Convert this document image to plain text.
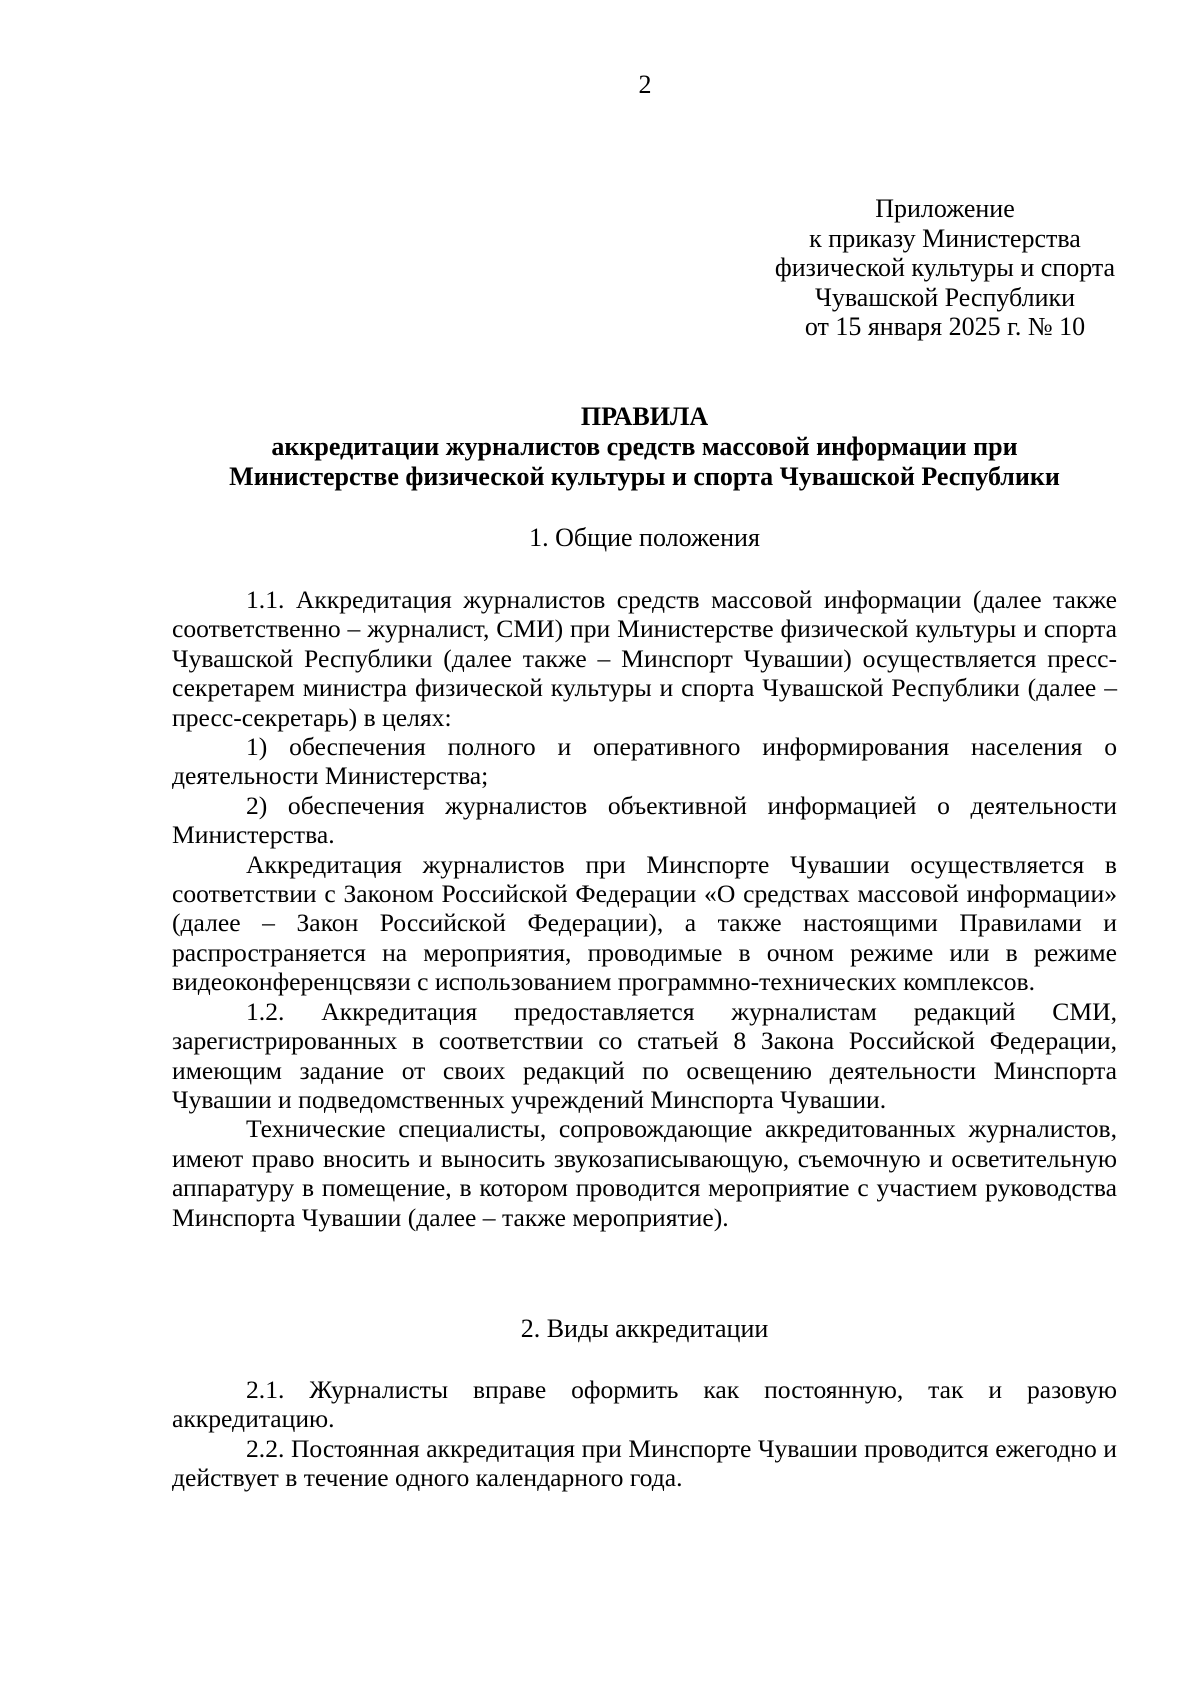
2
Приложение
к приказу Министерства
физической культуры и спорта
Чувашской Республики
от 15 января 2025 г. № 10
ПРАВИЛА
аккредитации журналистов средств массовой информации при
Министерстве физической культуры и спорта Чувашской Республики
1. Общие положения

1.1. Аккредитация журналистов средств массовой информации (далее также соответственно – журналист, СМИ) при Министерстве физической культуры и спорта Чувашской Республики (далее также – Минспорт Чувашии) осуществляется пресс-секретарем министра физической культуры и спорта Чувашской Республики (далее – пресс-секретарь) в целях:

1) обеспечения полного и оперативного информирования населения о деятельности Министерства;

2) обеспечения журналистов объективной информацией о деятельности Министерства.

Аккредитация журналистов при Минспорте Чувашии осуществляется в соответствии с Законом Российской Федерации «О средствах массовой информации» (далее – Закон Российской Федерации), а также настоящими Правилами и распространяется на мероприятия, проводимые в очном режиме или в режиме видеоконференцсвязи с использованием программно-технических комплексов.

1.2. Аккредитация предоставляется журналистам редакций СМИ, зарегистрированных в соответствии со статьей 8 Закона Российской Федерации, имеющим задание от своих редакций по освещению деятельности Минспорта Чувашии и подведомственных учреждений Минспорта Чувашии.

Технические специалисты, сопровождающие аккредитованных журналистов, имеют право вносить и выносить звукозаписывающую, съемочную и осветительную аппаратуру в помещение, в котором проводится мероприятие с участием руководства Минспорта Чувашии (далее – также мероприятие).

2. Виды аккредитации

2.1. Журналисты вправе оформить как постоянную, так и разовую аккредитацию.

2.2. Постоянная аккредитация при Минспорте Чувашии проводится ежегодно и действует в течение одного календарного года.
